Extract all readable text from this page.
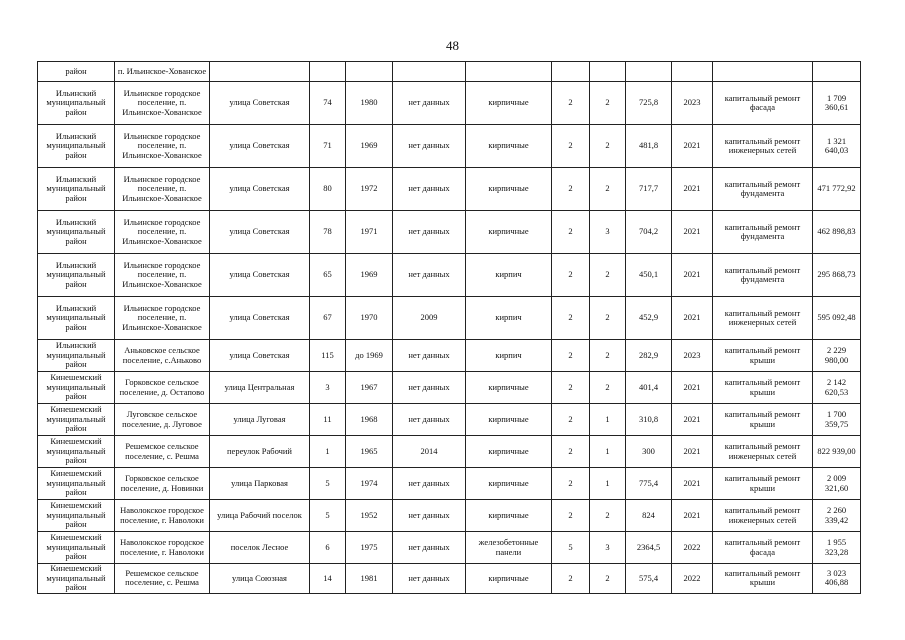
48
район	п. Ильинское-Хованское											
Ильинский муниципальный район	Ильинское городское поселение, п. Ильинское-Хованское	улица Советская	74	1980	нет данных	кирпичные	2	2	725,8	2023	капитальный ремонт фасада	1 709 360,61
Ильинский муниципальный район	Ильинское городское поселение, п. Ильинское-Хованское	улица Советская	71	1969	нет данных	кирпичные	2	2	481,8	2021	капитальный ремонт инженерных сетей	1 321 640,03
Ильинский муниципальный район	Ильинское городское поселение, п. Ильинское-Хованское	улица Советская	80	1972	нет данных	кирпичные	2	2	717,7	2021	капитальный ремонт фундамента	471 772,92
Ильинский муниципальный район	Ильинское городское поселение, п. Ильинское-Хованское	улица Советская	78	1971	нет данных	кирпичные	2	3	704,2	2021	капитальный ремонт фундамента	462 898,83
Ильинский муниципальный район	Ильинское городское поселение, п. Ильинское-Хованское	улица Советская	65	1969	нет данных	кирпич	2	2	450,1	2021	капитальный ремонт фундамента	295 868,73
Ильинский муниципальный район	Ильинское городское поселение, п. Ильинское-Хованское	улица Советская	67	1970	2009	кирпич	2	2	452,9	2021	капитальный ремонт инженерных сетей	595 092,48
Ильинский муниципальный район	Аньковское сельское поселение, с.Аньково	улица Советская	115	до 1969	нет данных	кирпич	2	2	282,9	2023	капитальный ремонт крыши	2 229 980,00
Кинешемский муниципальный район	Горковское сельское поселение, д. Остапово	улица Центральная	3	1967	нет данных	кирпичные	2	2	401,4	2021	капитальный ремонт крыши	2 142 620,53
Кинешемский муниципальный район	Луговское сельское поселение, д. Луговое	улица Луговая	11	1968	нет данных	кирпичные	2	1	310,8	2021	капитальный ремонт крыши	1 700 359,75
Кинешемский муниципальный район	Решемское сельское поселение, с. Решма	переулок Рабочий	1	1965	2014	кирпичные	2	1	300	2021	капитальный ремонт инженерных сетей	822 939,00
Кинешемский муниципальный район	Горковское сельское поселение, д. Новинки	улица Парковая	5	1974	нет данных	кирпичные	2	1	775,4	2021	капитальный ремонт крыши	2 009 321,60
Кинешемский муниципальный район	Наволокское городское поселение, г. Наволоки	улица Рабочий поселок	5	1952	нет данных	кирпичные	2	2	824	2021	капитальный ремонт инженерных сетей	2 260 339,42
Кинешемский муниципальный район	Наволокское городское поселение, г. Наволоки	поселок Лесное	6	1975	нет данных	железобетонные панели	5	3	2364,5	2022	капитальный ремонт фасада	1 955 323,28
Кинешемский муниципальный район	Решемское сельское поселение, с. Решма	улица Союзная	14	1981	нет данных	кирпичные	2	2	575,4	2022	капитальный ремонт крыши	3 023 406,88
